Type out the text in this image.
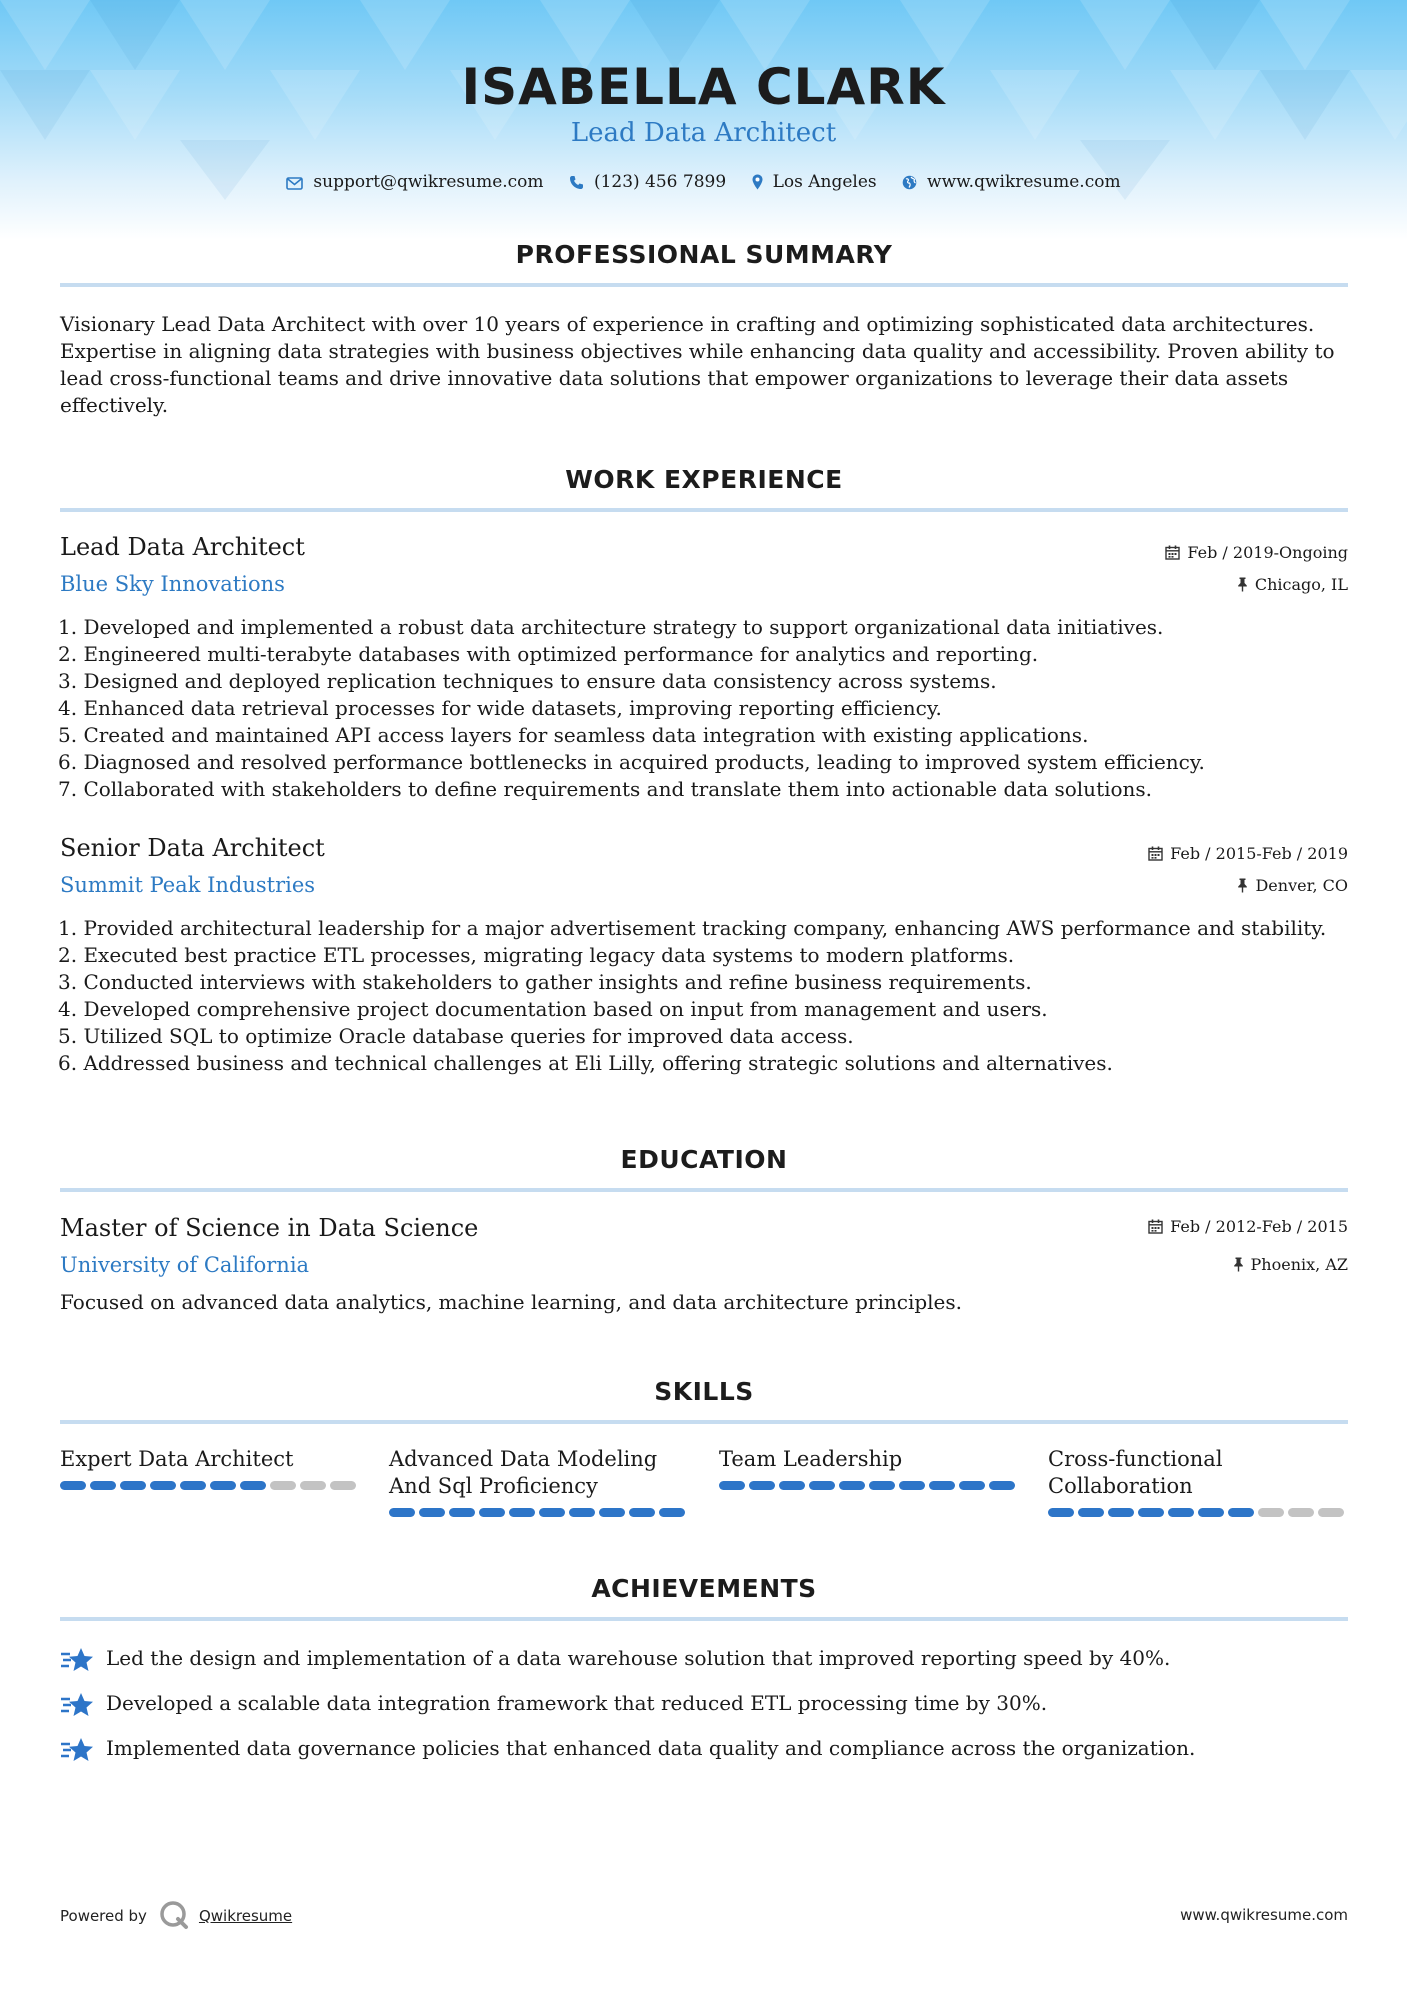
ISABELLA CLARK
Lead Data Architect
support@qwikresume.com	(123) 456 7899	Los Angeles	www.qwikresume.com
PROFESSIONAL SUMMARY
Visionary Lead Data Architect with over 10 years of experience in crafting and optimizing sophisticated data architectures. Expertise in aligning data strategies with business objectives while enhancing data quality and accessibility. Proven ability to lead cross-functional teams and drive innovative data solutions that empower organizations to leverage their data assets effectively.
WORK EXPERIENCE
Lead Data Architect	Feb / 2019-Ongoing
Blue Sky Innovations	Chicago, IL
1. Developed and implemented a robust data architecture strategy to support organizational data initiatives.
2. Engineered multi-terabyte databases with optimized performance for analytics and reporting.
3. Designed and deployed replication techniques to ensure data consistency across systems.
4. Enhanced data retrieval processes for wide datasets, improving reporting efficiency.
5. Created and maintained API access layers for seamless data integration with existing applications.
6. Diagnosed and resolved performance bottlenecks in acquired products, leading to improved system efficiency.
7. Collaborated with stakeholders to define requirements and translate them into actionable data solutions.
Senior Data Architect	Feb / 2015-Feb / 2019
Summit Peak Industries	Denver, CO
1. Provided architectural leadership for a major advertisement tracking company, enhancing AWS performance and stability.
2. Executed best practice ETL processes, migrating legacy data systems to modern platforms.
3. Conducted interviews with stakeholders to gather insights and refine business requirements.
4. Developed comprehensive project documentation based on input from management and users.
5. Utilized SQL to optimize Oracle database queries for improved data access.
6. Addressed business and technical challenges at Eli Lilly, offering strategic solutions and alternatives.
EDUCATION
Master of Science in Data Science	Feb / 2012-Feb / 2015
University of California	Phoenix, AZ
Focused on advanced data analytics, machine learning, and data architecture principles.
SKILLS
Expert Data Architect	Advanced Data Modeling And Sql Proficiency
Team Leadership	Cross-functional Collaboration
ACHIEVEMENTS
Led the design and implementation of a data warehouse solution that improved reporting speed by 40%.
Developed a scalable data integration framework that reduced ETL processing time by 30%.
Implemented data governance policies that enhanced data quality and compliance across the organization.
Powered by	Qwikresume	www.qwikresume.com
